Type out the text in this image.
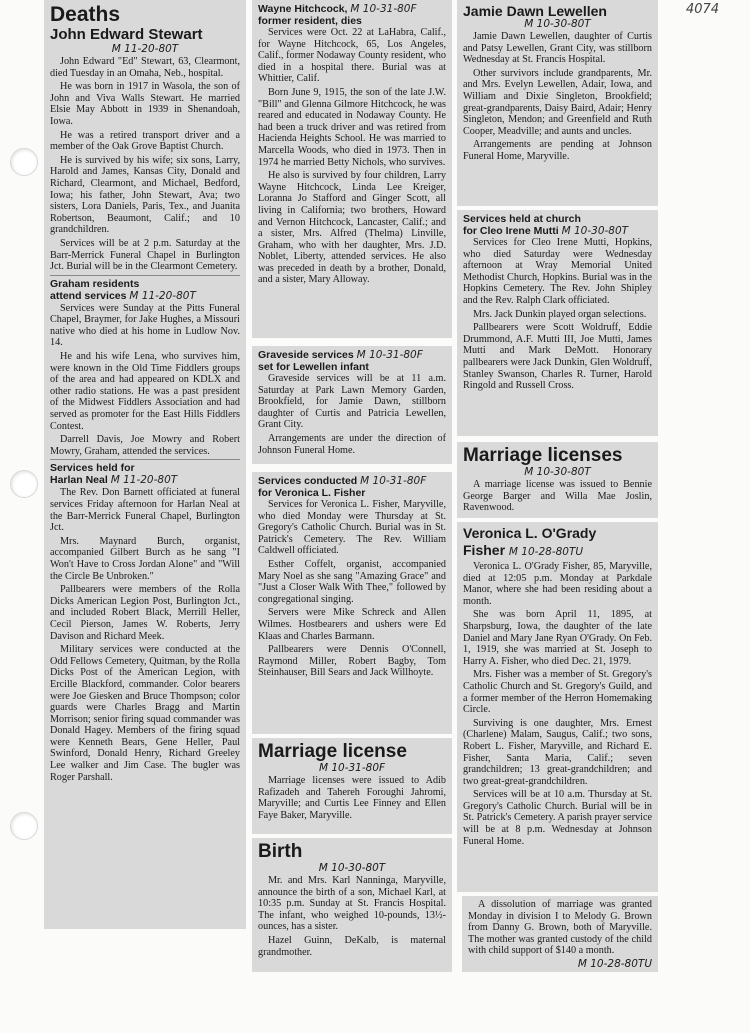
4074
Deaths
John Edward Stewart
M 11-20-80T

John Edward "Ed" Stewart, 63, Clearmont, died Tuesday in an Omaha, Neb., hospital.

He was born in 1917 in Wasola, the son of John and Viva Walls Stewart. He married Elsie May Abbott in 1939 in Shenandoah, Iowa.

He was a retired transport driver and a member of the Oak Grove Baptist Church.

He is survived by his wife; six sons, Larry, Harold and James, Kansas City, Donald and Richard, Clearmont, and Michael, Bedford, Iowa; his father, John Stewart, Ava; two sisters, Lora Daniels, Paris, Tex., and Juanita Robertson, Beaumont, Calif.; and 10 grandchildren.

Services will be at 2 p.m. Saturday at the Barr-Merrick Funeral Chapel in Burlington Jct. Burial will be in the Clearmont Cemetery.

Graham residents
attend services M 11-20-80T

Services were Sunday at the Pitts Funeral Chapel, Braymer, for Jake Hughes, a Missouri native who died at his home in Ludlow Nov. 14.

He and his wife Lena, who survives him, were known in the Old Time Fiddlers groups of the area and had appeared on KDLX and other radio stations. He was a past president of the Midwest Fiddlers Association and had served as promoter for the East Hills Fiddlers Contest.

Darrell Davis, Joe Mowry and Robert Mowry, Graham, attended the services.

Services held for
Harlan Neal M 11-20-80T

The Rev. Don Barnett officiated at funeral services Friday afternoon for Harlan Neal at the Barr-Merrick Funeral Chapel, Burlington Jct.

Mrs. Maynard Burch, organist, accompanied Gilbert Burch as he sang "I Won't Have to Cross Jordan Alone" and "Will the Circle Be Unbroken."

Pallbearers were members of the Rolla Dicks American Legion Post, Burlington Jct., and included Robert Black, Merrill Heller, Cecil Pierson, James W. Roberts, Jerry Davison and Richard Meek.

Military services were conducted at the Odd Fellows Cemetery, Quitman, by the Rolla Dicks Post of the American Legion, with Ercille Blackford, commander. Color bearers were Joe Giesken and Bruce Thompson; color guards were Charles Bragg and Martin Morrison; senior firing squad commander was Donald Hagey. Members of the firing squad were Kenneth Bears, Gene Heller, Paul Swinford, Donald Henry, Richard Greeley Lee walker and Jim Case. The bugler was Roger Parshall.

Wayne Hitchcock, M 10-31-80F
former resident, dies

Services were Oct. 22 at LaHabra, Calif., for Wayne Hitchcock, 65, Los Angeles, Calif., former Nodaway County resident, who died in a hospital there. Burial was at Whittier, Calif.

Born June 9, 1915, the son of the late J.W. "Bill" and Glenna Gilmore Hitchcock, he was reared and educated in Nodaway County. He had been a truck driver and was retired from Hacienda Heights School. He was married to Marcella Woods, who died in 1973. Then in 1974 he married Betty Nichols, who survives.

He also is survived by four children, Larry Wayne Hitchcock, Linda Lee Kreiger, Loranna Jo Stafford and Ginger Scott, all living in California; two brothers, Howard and Vernon Hitchcock, Lancaster, Calif.; and a sister, Mrs. Alfred (Thelma) Linville, Graham, who with her daughter, Mrs. J.D. Noblet, Liberty, attended services. He also was preceded in death by a brother, Donald, and a sister, Mary Alloway.

Graveside services M 10-31-80F
set for Lewellen infant

Graveside services will be at 11 a.m. Saturday at Park Lawn Memory Garden, Brookfield, for Jamie Dawn, stillborn daughter of Curtis and Patricia Lewellen, Grant City.

Arrangements are under the direction of Johnson Funeral Home.

Services conducted M 10-31-80F
for Veronica L. Fisher

Services for Veronica L. Fisher, Maryville, who died Monday were Thursday at St. Gregory's Catholic Church. Burial was in St. Patrick's Cemetery. The Rev. William Caldwell officiated.

Esther Coffelt, organist, accompanied Mary Noel as she sang "Amazing Grace" and "Just a Closer Walk With Thee," followed by congregational singing.

Servers were Mike Schreck and Allen Wilmes. Hostbearers and ushers were Ed Klaas and Charles Barmann.

Pallbearers were Dennis O'Connell, Raymond Miller, Robert Bagby, Tom Steinhauser, Bill Sears and Jack Willhoyte.

Marriage license
M 10-31-80F

Marriage licenses were issued to Adib Rafizadeh and Tahereh Foroughi Jahromi, Maryville; and Curtis Lee Finney and Ellen Faye Baker, Maryville.

Birth
M 10-30-80T

Mr. and Mrs. Karl Nanninga, Maryville, announce the birth of a son, Michael Karl, at 10:35 p.m. Sunday at St. Francis Hospital. The infant, who weighed 10-pounds, 13½-ounces, has a sister.

Hazel Guinn, DeKalb, is maternal grandmother.

Jamie Dawn Lewellen
M 10-30-80T

Jamie Dawn Lewellen, daughter of Curtis and Patsy Lewellen, Grant City, was stillborn Wednesday at St. Francis Hospital.

Other survivors include grandparents, Mr. and Mrs. Evelyn Lewellen, Adair, Iowa, and William and Dixie Singleton, Brookfield; great-grandparents, Daisy Baird, Adair; Henry Singleton, Mendon; and Greenfield and Ruth Cooper, Meadville; and aunts and uncles.

Arrangements are pending at Johnson Funeral Home, Maryville.

Services held at church
for Cleo Irene Mutti M 10-30-80T

Services for Cleo Irene Mutti, Hopkins, who died Saturday were Wednesday afternoon at Wray Memorial United Methodist Church, Hopkins. Burial was in the Hopkins Cemetery. The Rev. John Shipley and the Rev. Ralph Clark officiated.

Mrs. Jack Dunkin played organ selections.

Pallbearers were Scott Woldruff, Eddie Drummond, A.F. Mutti III, Joe Mutti, James Mutti and Mark DeMott. Honorary pallbearers were Jack Dunkin, Glen Woldruff, Stanley Swanson, Charles R. Turner, Harold Ringold and Russell Cross.

Marriage licenses
M 10-30-80T

A marriage license was issued to Bennie George Barger and Willa Mae Joslin, Ravenwood.

Veronica L. O'Grady
Fisher M 10-28-80TU

Veronica L. O'Grady Fisher, 85, Maryville, died at 12:05 p.m. Monday at Parkdale Manor, where she had been residing about a month.

She was born April 11, 1895, at Sharpsburg, Iowa, the daughter of the late Daniel and Mary Jane Ryan O'Grady. On Feb. 1, 1919, she was married at St. Joseph to Harry A. Fisher, who died Dec. 21, 1979.

Mrs. Fisher was a member of St. Gregory's Catholic Church and St. Gregory's Guild, and a former member of the Herron Homemaking Circle.

Surviving is one daughter, Mrs. Ernest (Charlene) Malam, Saugus, Calif.; two sons, Robert L. Fisher, Maryville, and Richard E. Fisher, Santa Maria, Calif.; seven grandchildren; 13 great-grandchildren; and two great-great-grandchildren.

Services will be at 10 a.m. Thursday at St. Gregory's Catholic Church. Burial will be in St. Patrick's Cemetery. A parish prayer service will be at 8 p.m. Wednesday at Johnson Funeral Home.

A dissolution of marriage was granted Monday in division I to Melody G. Brown from Danny G. Brown, both of Maryville. The mother was granted custody of the child with child support of $140 a month.

M 10-28-80TU
